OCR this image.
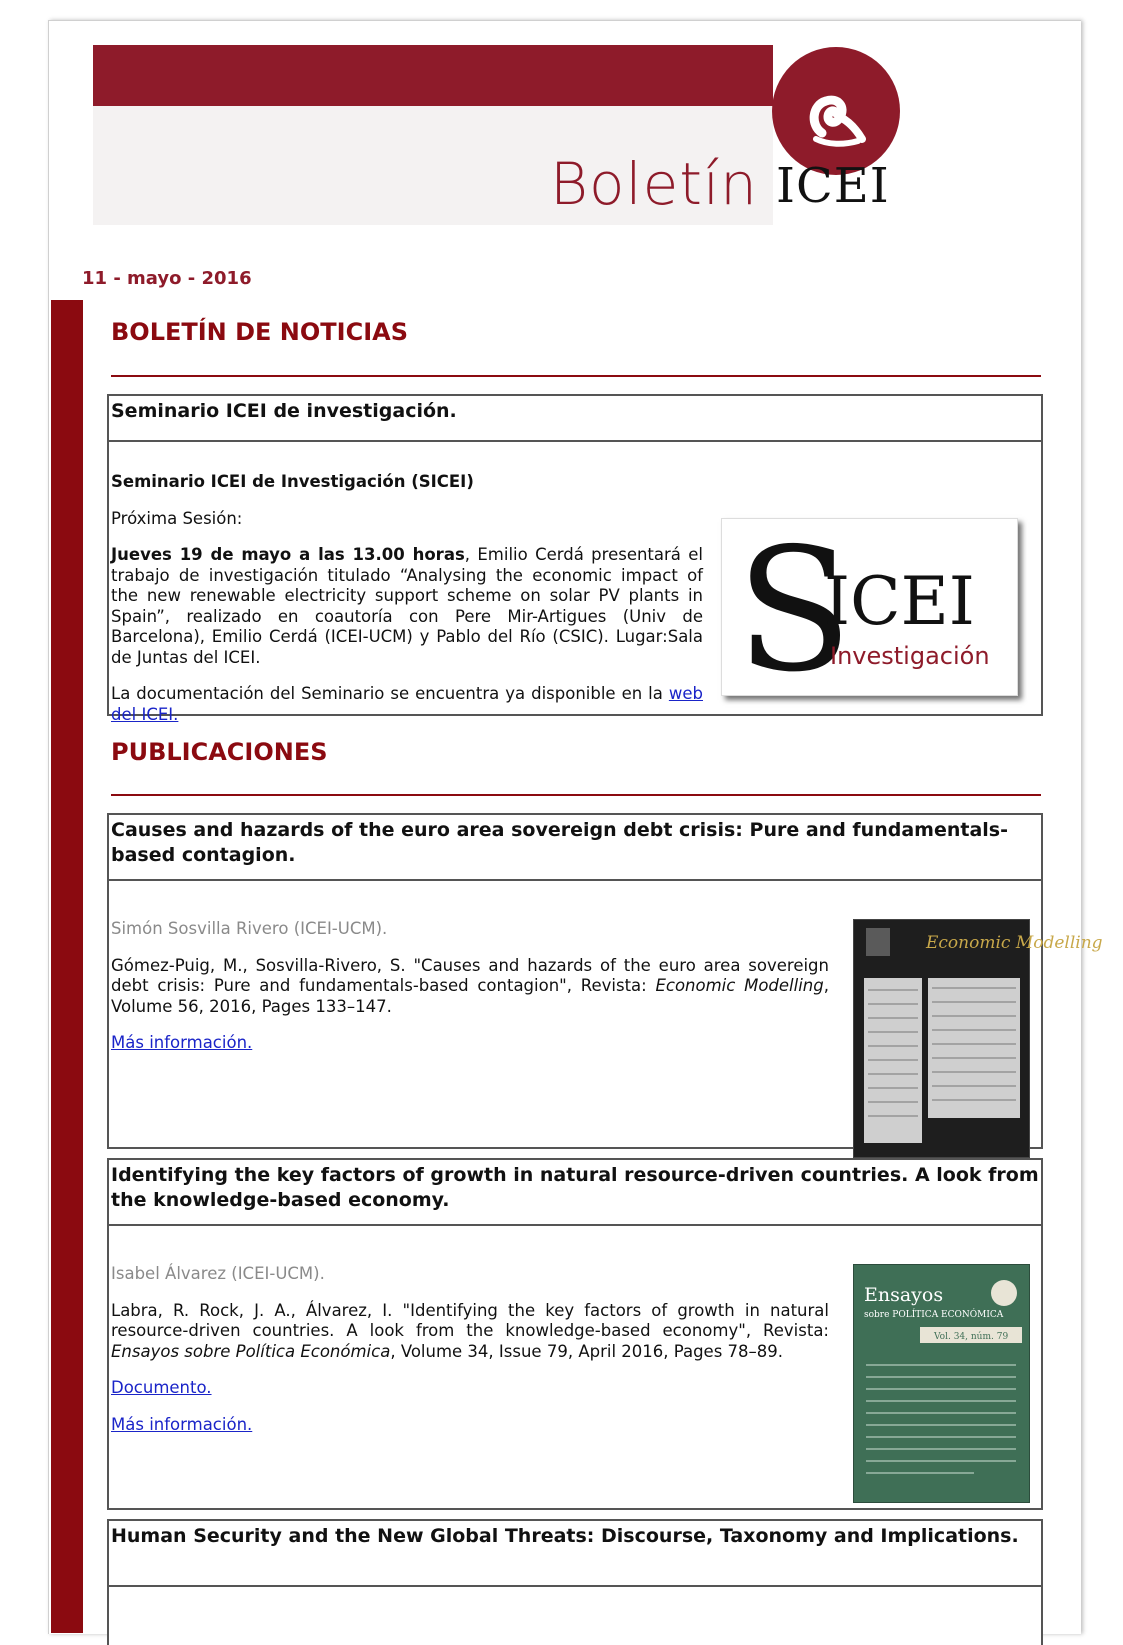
Boletín ICEI
11 - mayo - 2016
BOLETÍN DE NOTICIAS
Seminario ICEI de investigación.

Seminario ICEI de Investigación (SICEI)

Próxima Sesión:

Jueves 19 de mayo a las 13.00 horas, Emilio Cerdá presentará el trabajo de investigación titulado “Analysing the economic impact of the new renewable electricity support scheme on solar PV plants in Spain”, realizado en coautoría con Pere Mir-Artigues (Univ de Barcelona), Emilio Cerdá (ICEI-UCM) y Pablo del Río (CSIC). Lugar:Sala de Juntas del ICEI.

La documentación del Seminario se encuentra ya disponible en la web del ICEI.

S
ICEI
Investigación
PUBLICACIONES
Causes and hazards of the euro area sovereign debt crisis: Pure and fundamentals-based contagion.

Simón Sosvilla Rivero (ICEI-UCM).

Gómez-Puig, M., Sosvilla-Rivero, S. "Causes and hazards of the euro area sovereign debt crisis: Pure and fundamentals-based contagion", Revista: Economic Modelling, Volume 56, 2016, Pages 133–147.

Más información.

Economic Modelling
Identifying the key factors of growth in natural resource-driven countries. A look from the knowledge-based economy.

Isabel Álvarez (ICEI-UCM).

Labra, R. Rock, J. A., Álvarez, I. "Identifying the key factors of growth in natural resource-driven countries. A look from the knowledge-based economy", Revista: Ensayos sobre Política Económica, Volume 34, Issue 79, April 2016, Pages 78–89.

Documento.

Más información.

Ensayos
sobre POLÍTICA ECONÓMICA
Vol. 34, núm. 79
Human Security and the New Global Threats: Discourse, Taxonomy and Implications.
